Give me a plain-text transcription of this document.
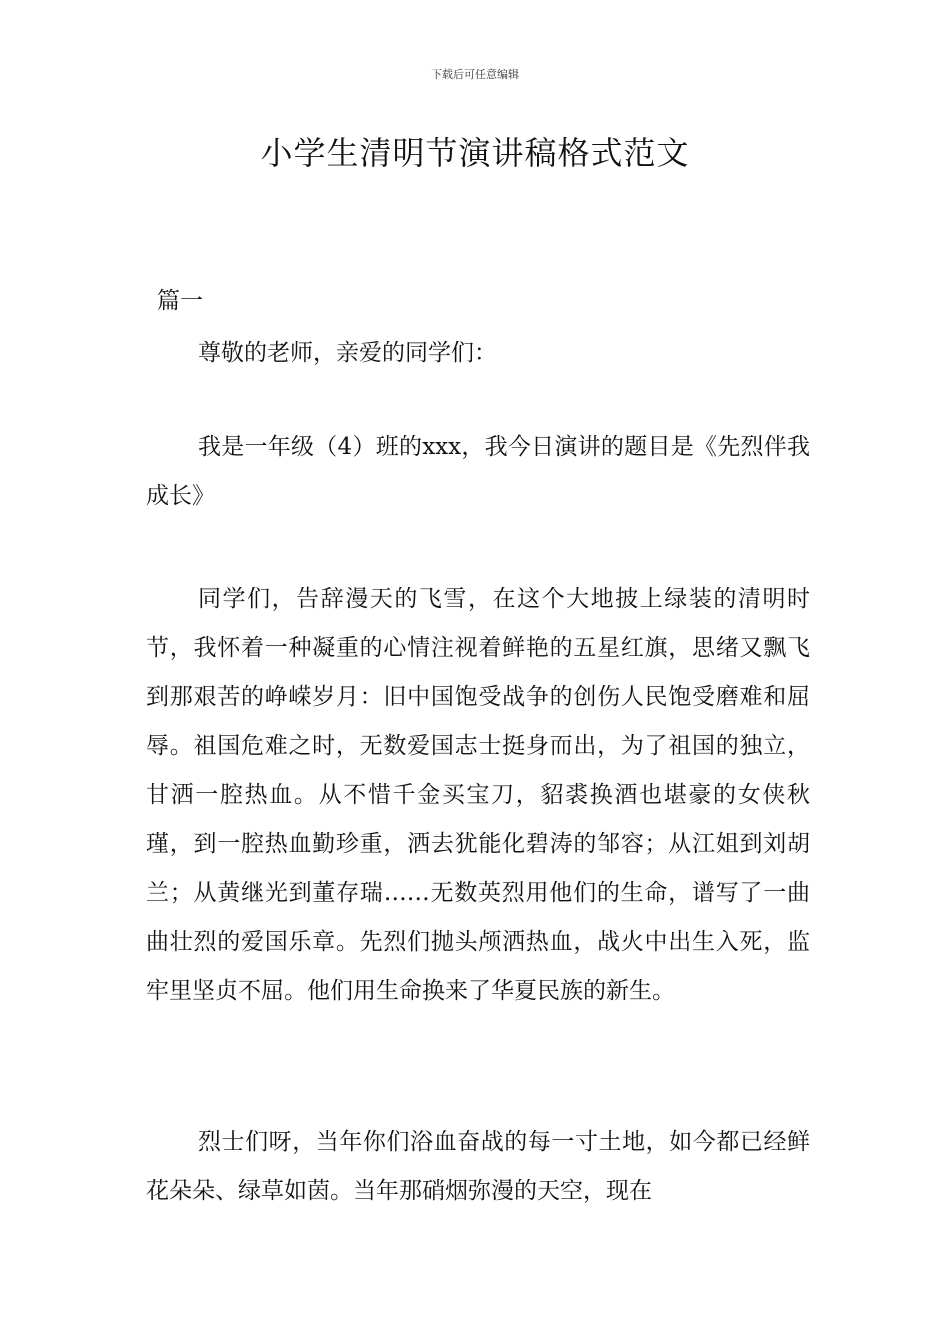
下载后可任意编辑
小学生清明节演讲稿格式范文
篇一

尊敬的老师，亲爱的同学们：

我是一年级（4）班的xxx，我今日演讲的题目是《先烈伴我成长》

同学们，告辞漫天的飞雪，在这个大地披上绿装的清明时节，我怀着一种凝重的心情注视着鲜艳的五星红旗，思绪又飘飞到那艰苦的峥嵘岁月：旧中国饱受战争的创伤人民饱受磨难和屈辱。祖国危难之时，无数爱国志士挺身而出，为了祖国的独立，甘洒一腔热血。从不惜千金买宝刀，貂裘换酒也堪豪的女侠秋瑾，到一腔热血勤珍重，洒去犹能化碧涛的邹容；从江姐到刘胡兰；从黄继光到董存瑞……无数英烈用他们的生命，谱写了一曲曲壮烈的爱国乐章。先烈们抛头颅洒热血，战火中出生入死，监牢里坚贞不屈。他们用生命换来了华夏民族的新生。

烈士们呀，当年你们浴血奋战的每一寸土地，如今都已经鲜花朵朵、绿草如茵。当年那硝烟弥漫的天空，现在
